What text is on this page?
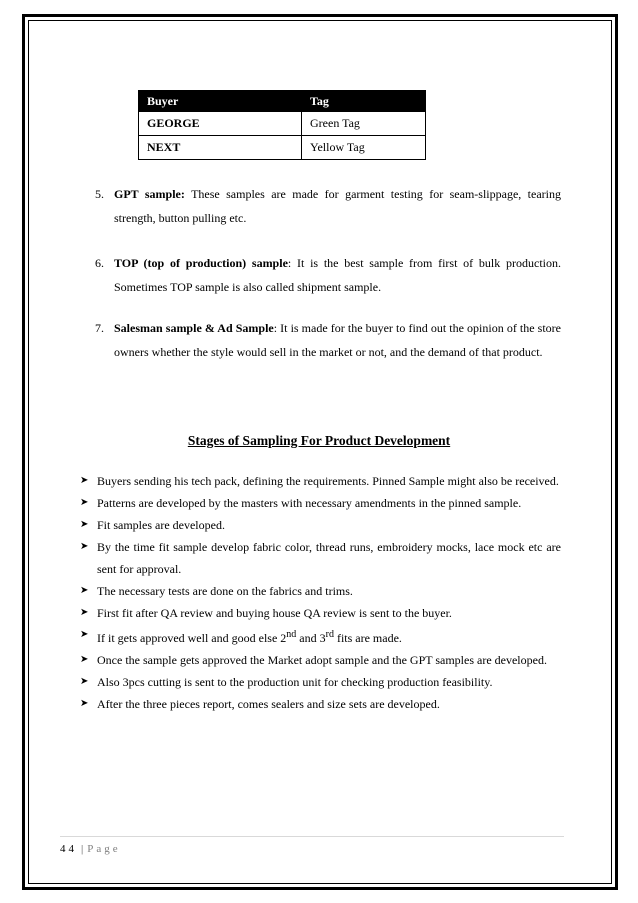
Buyer	Tag
GEORGE	Green Tag
NEXT	Yellow Tag
5. GPT sample: These samples are made for garment testing for seam-slippage, tearing strength, button pulling etc.
6. TOP (top of production) sample: It is the best sample from first of bulk production. Sometimes TOP sample is also called shipment sample.
7. Salesman sample & Ad Sample: It is made for the buyer to find out the opinion of the store owners whether the style would sell in the market or not, and the demand of that product.
Stages of Sampling For Product Development
➤ Buyers sending his tech pack, defining the requirements. Pinned Sample might also be received.
➤ Patterns are developed by the masters with necessary amendments in the pinned sample.
➤ Fit samples are developed.
➤ By the time fit sample develop fabric color, thread runs, embroidery mocks, lace mock etc are sent for approval.
➤ The necessary tests are done on the fabrics and trims.
➤ First fit after QA review and buying house QA review is sent to the buyer.
➤ If it gets approved well and good else 2nd and 3rd fits are made.
➤ Once the sample gets approved the Market adopt sample and the GPT samples are developed.
➤ Also 3pcs cutting is sent to the production unit for checking production feasibility.
➤ After the three pieces report, comes sealers and size sets are developed.
44 | Page
